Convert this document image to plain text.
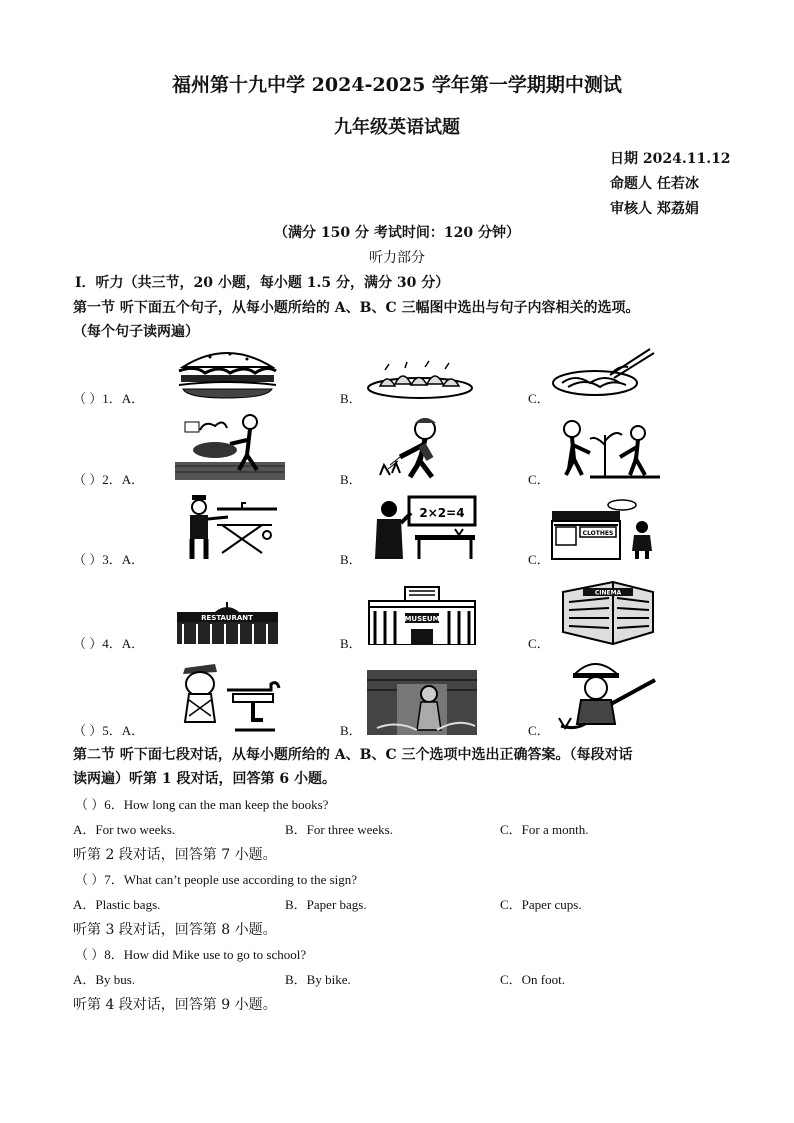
福州第十九中学 2024-2025 学年第一学期期中测试
九年级英语试题
日期 2024.11.12
命题人 任若冰
审核人 郑荔娟
（满分 150 分 考试时间：120 分钟）
听力部分
Ⅰ．听力（共三节，20 小题，每小题 1.5 分，满分 30 分）
第一节 听下面五个句子，从每小题所给的 A、B、C 三幅图中选出与句子内容相关的选项。
（每个句子读两遍）
（ ）1．A．	B．	C．
（ ）2．A．	B．	C．
（ ）3．A．	B．	C．
（ ）4．A．	B．	C．
（ ）5．A．	B．	C．
2×2=4
CLOTHES
RESTAURANT	MUSEUM
CINEMA
第二节 听下面七段对话，从每小题所给的 A、B、C 三个选项中选出正确答案。（每段对话
读两遍）听第 1 段对话，回答第 6 小题。
（ ）6．How long can the man keep the books?
A．For two weeks.	B．For three weeks.	C．For a month.
听第 2 段对话，回答第 7 小题。
（ ）7．What can’t people use according to the sign?
A．Plastic bags.	B．Paper bags.	C．Paper cups.
听第 3 段对话，回答第 8 小题。
（ ）8．How did Mike use to go to school?
A．By bus.	B．By bike.	C．On foot.
听第 4 段对话，回答第 9 小题。
